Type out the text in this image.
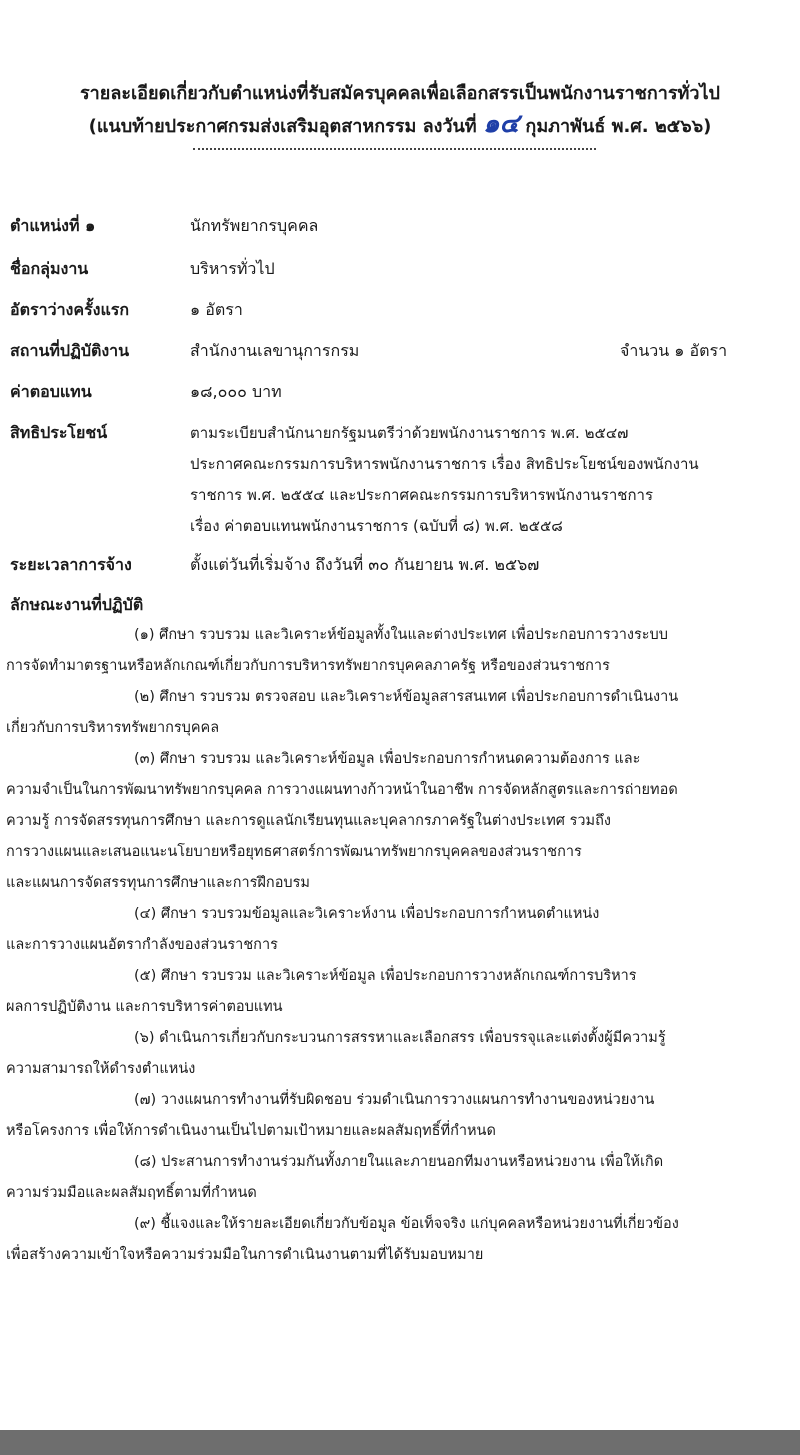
รายละเอียดเกี่ยวกับตำแหน่งที่รับสมัครบุคคลเพื่อเลือกสรรเป็นพนักงานราชการทั่วไป
(แนบท้ายประกาศกรมส่งเสริมอุตสาหกรรม ลงวันที่ ๑๔ กุมภาพันธ์ พ.ศ. ๒๕๖๖)
ตำแหน่งที่ ๑	นักทรัพยากรบุคคล
ชื่อกลุ่มงาน	บริหารทั่วไป
อัตราว่างครั้งแรก	๑ อัตรา
สถานที่ปฏิบัติงาน	สำนักงานเลขานุการกรม	จำนวน ๑ อัตรา
ค่าตอบแทน	๑๘,๐๐๐ บาท
สิทธิประโยชน์	ตามระเบียบสำนักนายกรัฐมนตรีว่าด้วยพนักงานราชการ พ.ศ. ๒๕๔๗
ประกาศคณะกรรมการบริหารพนักงานราชการ เรื่อง สิทธิประโยชน์ของพนักงาน
ราชการ พ.ศ. ๒๕๕๔ และประกาศคณะกรรมการบริหารพนักงานราชการ
เรื่อง ค่าตอบแทนพนักงานราชการ (ฉบับที่ ๘) พ.ศ. ๒๕๕๘
ระยะเวลาการจ้าง	ตั้งแต่วันที่เริ่มจ้าง ถึงวันที่ ๓๐ กันยายน พ.ศ. ๒๕๖๗
ลักษณะงานที่ปฏิบัติ
(๑) ศึกษา รวบรวม และวิเคราะห์ข้อมูลทั้งในและต่างประเทศ เพื่อประกอบการวางระบบ
การจัดทำมาตรฐานหรือหลักเกณฑ์เกี่ยวกับการบริหารทรัพยากรบุคคลภาครัฐ หรือของส่วนราชการ
(๒) ศึกษา รวบรวม ตรวจสอบ และวิเคราะห์ข้อมูลสารสนเทศ เพื่อประกอบการดำเนินงาน
เกี่ยวกับการบริหารทรัพยากรบุคคล
(๓) ศึกษา รวบรวม และวิเคราะห์ข้อมูล เพื่อประกอบการกำหนดความต้องการ และ
ความจำเป็นในการพัฒนาทรัพยากรบุคคล การวางแผนทางก้าวหน้าในอาชีพ การจัดหลักสูตรและการถ่ายทอด
ความรู้ การจัดสรรทุนการศึกษา และการดูแลนักเรียนทุนและบุคลากรภาครัฐในต่างประเทศ รวมถึง
การวางแผนและเสนอแนะนโยบายหรือยุทธศาสตร์การพัฒนาทรัพยากรบุคคลของส่วนราชการ
และแผนการจัดสรรทุนการศึกษาและการฝึกอบรม
(๔) ศึกษา รวบรวมข้อมูลและวิเคราะห์งาน เพื่อประกอบการกำหนดตำแหน่ง
และการวางแผนอัตรากำลังของส่วนราชการ
(๕) ศึกษา รวบรวม และวิเคราะห์ข้อมูล เพื่อประกอบการวางหลักเกณฑ์การบริหาร
ผลการปฏิบัติงาน และการบริหารค่าตอบแทน
(๖) ดำเนินการเกี่ยวกับกระบวนการสรรหาและเลือกสรร เพื่อบรรจุและแต่งตั้งผู้มีความรู้
ความสามารถให้ดำรงตำแหน่ง
(๗) วางแผนการทำงานที่รับผิดชอบ ร่วมดำเนินการวางแผนการทำงานของหน่วยงาน
หรือโครงการ เพื่อให้การดำเนินงานเป็นไปตามเป้าหมายและผลสัมฤทธิ์ที่กำหนด
(๘) ประสานการทำงานร่วมกันทั้งภายในและภายนอกทีมงานหรือหน่วยงาน เพื่อให้เกิด
ความร่วมมือและผลสัมฤทธิ์ตามที่กำหนด
(๙) ชี้แจงและให้รายละเอียดเกี่ยวกับข้อมูล ข้อเท็จจริง แก่บุคคลหรือหน่วยงานที่เกี่ยวข้อง
เพื่อสร้างความเข้าใจหรือความร่วมมือในการดำเนินงานตามที่ได้รับมอบหมาย
